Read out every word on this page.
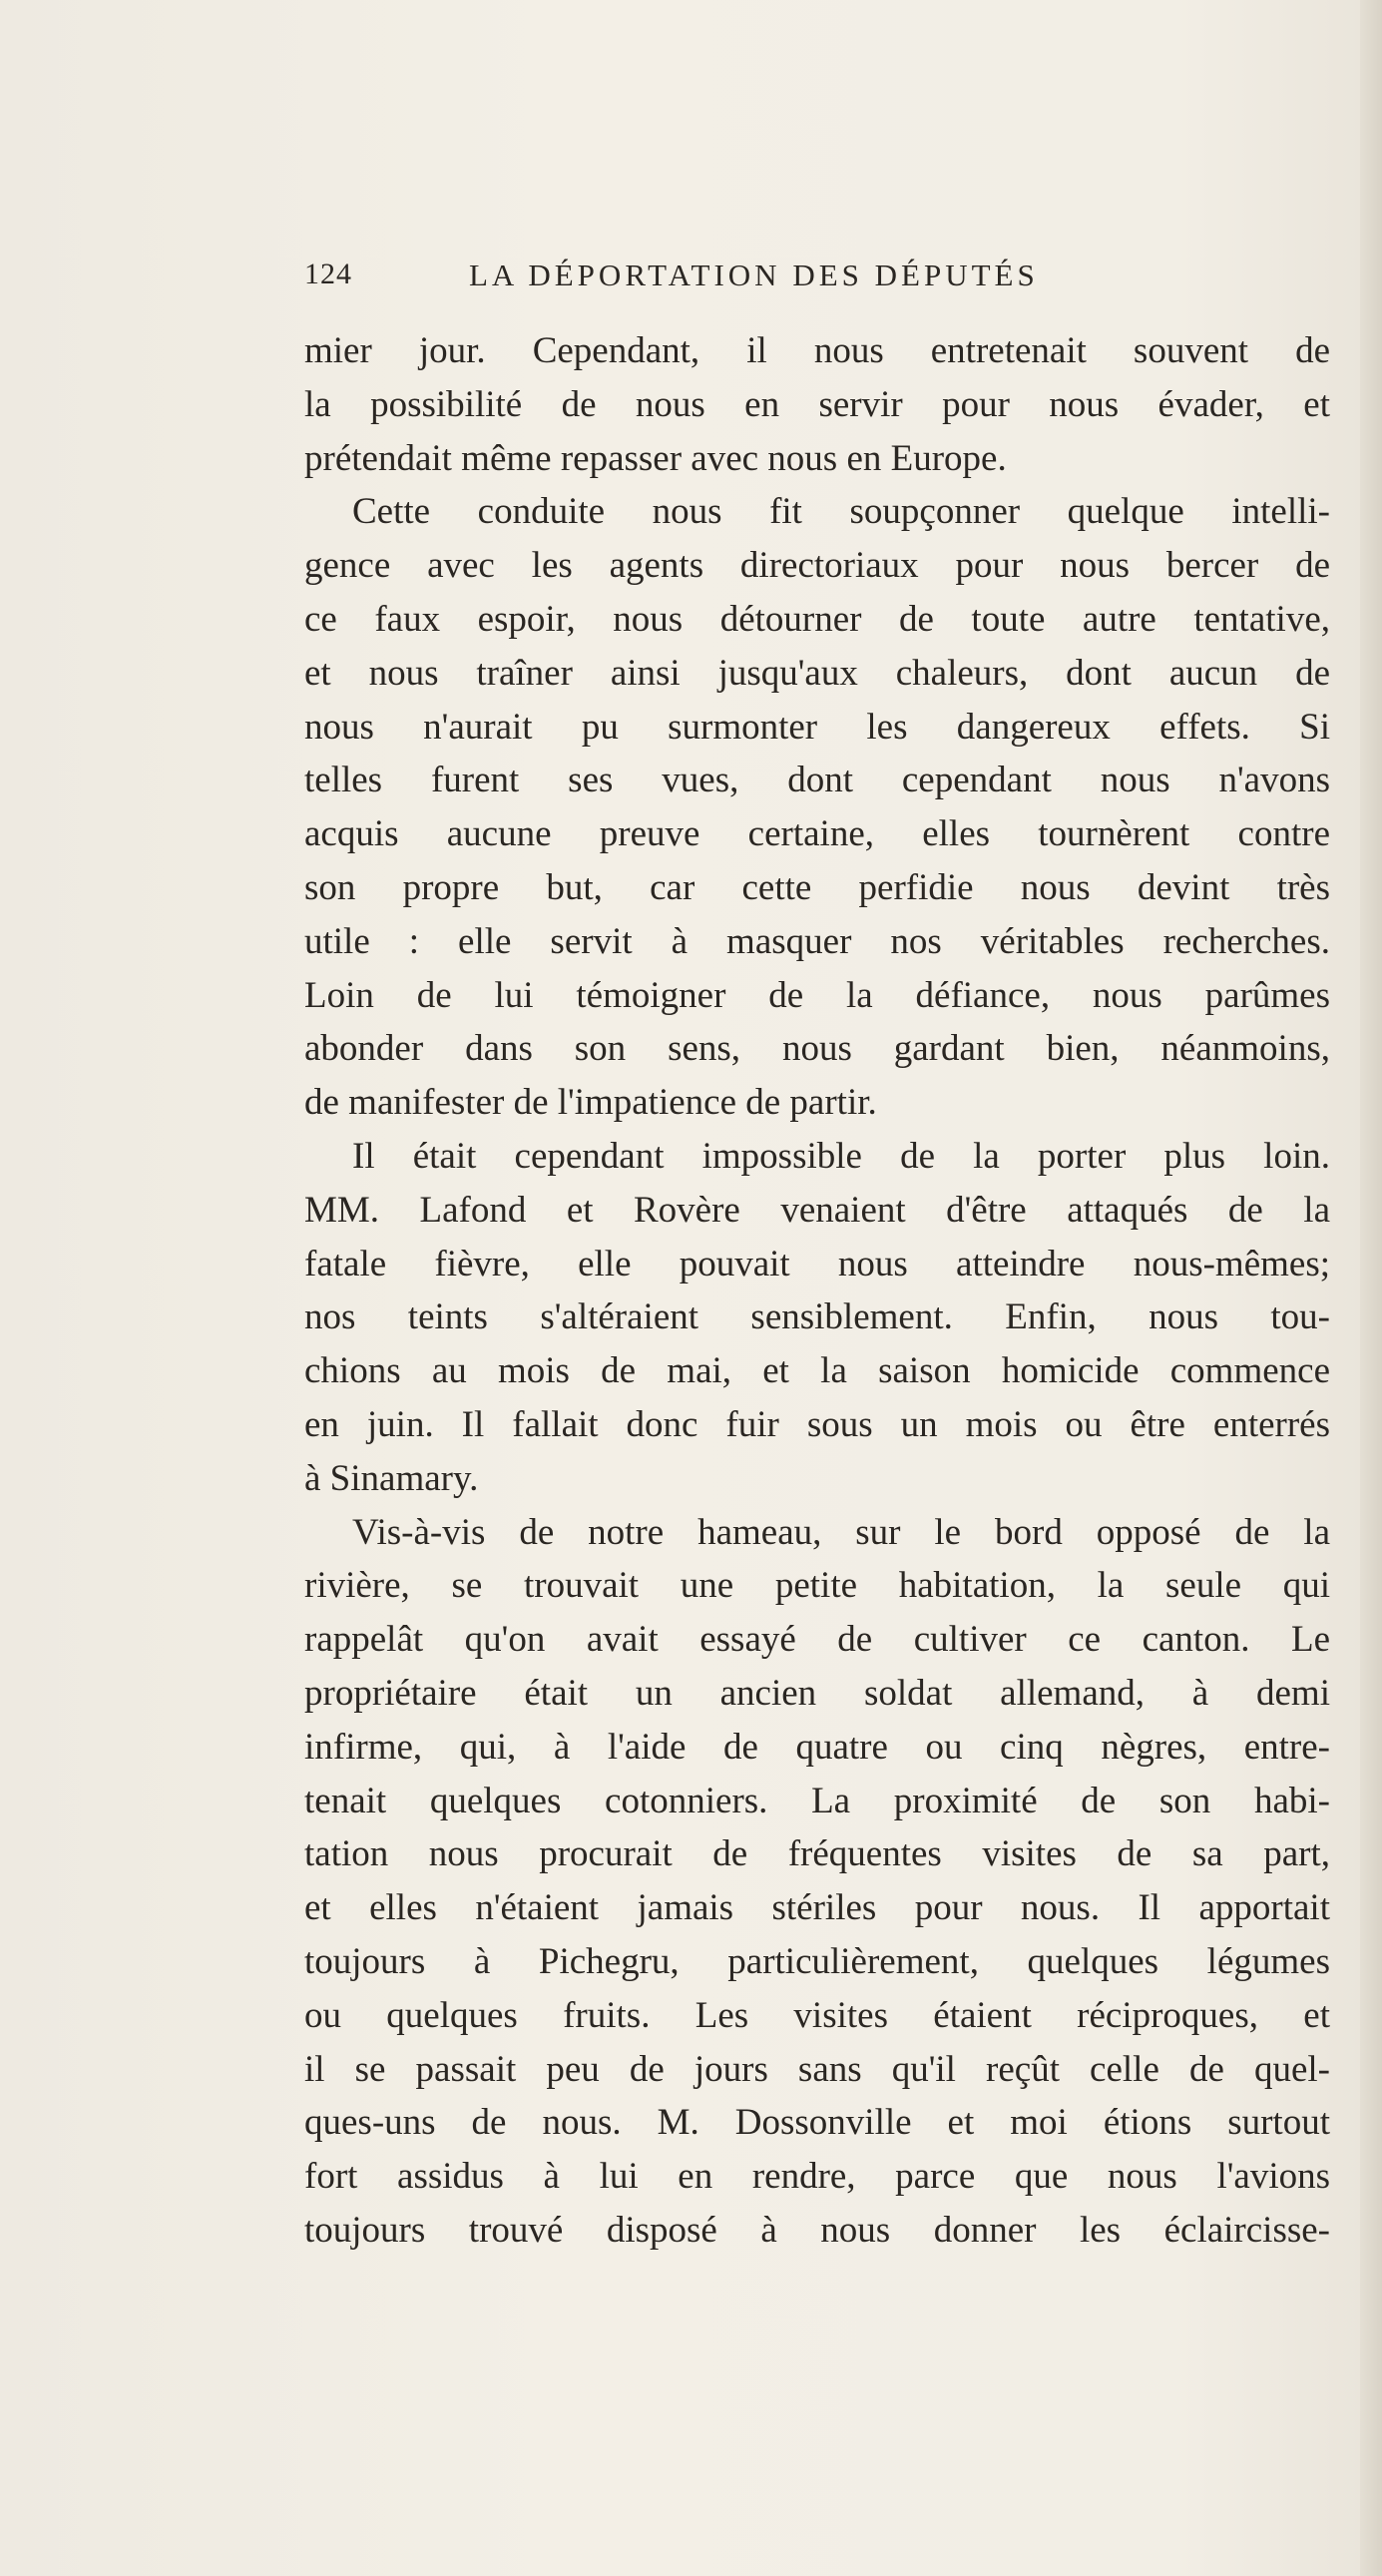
124	LA DÉPORTATION DES DÉPUTÉS
mier jour. Cependant, il nous entretenait souvent de
la possibilité de nous en servir pour nous évader, et
prétendait même repasser avec nous en Europe.
Cette conduite nous fit soupçonner quelque intelli-
gence avec les agents directoriaux pour nous bercer de
ce faux espoir, nous détourner de toute autre tentative,
et nous traîner ainsi jusqu'aux chaleurs, dont aucun de
nous n'aurait pu surmonter les dangereux effets. Si
telles furent ses vues, dont cependant nous n'avons
acquis aucune preuve certaine, elles tournèrent contre
son propre but, car cette perfidie nous devint très
utile : elle servit à masquer nos véritables recherches.
Loin de lui témoigner de la défiance, nous parûmes
abonder dans son sens, nous gardant bien, néanmoins,
de manifester de l'impatience de partir.
Il était cependant impossible de la porter plus loin.
MM. Lafond et Rovère venaient d'être attaqués de la
fatale fièvre, elle pouvait nous atteindre nous-mêmes;
nos teints s'altéraient sensiblement. Enfin, nous tou-
chions au mois de mai, et la saison homicide commence
en juin. Il fallait donc fuir sous un mois ou être enterrés
à Sinamary.
Vis-à-vis de notre hameau, sur le bord opposé de la
rivière, se trouvait une petite habitation, la seule qui
rappelât qu'on avait essayé de cultiver ce canton. Le
propriétaire était un ancien soldat allemand, à demi
infirme, qui, à l'aide de quatre ou cinq nègres, entre-
tenait quelques cotonniers. La proximité de son habi-
tation nous procurait de fréquentes visites de sa part,
et elles n'étaient jamais stériles pour nous. Il apportait
toujours à Pichegru, particulièrement, quelques légumes
ou quelques fruits. Les visites étaient réciproques, et
il se passait peu de jours sans qu'il reçût celle de quel-
ques-uns de nous. M. Dossonville et moi étions surtout
fort assidus à lui en rendre, parce que nous l'avions
toujours trouvé disposé à nous donner les éclaircisse-
